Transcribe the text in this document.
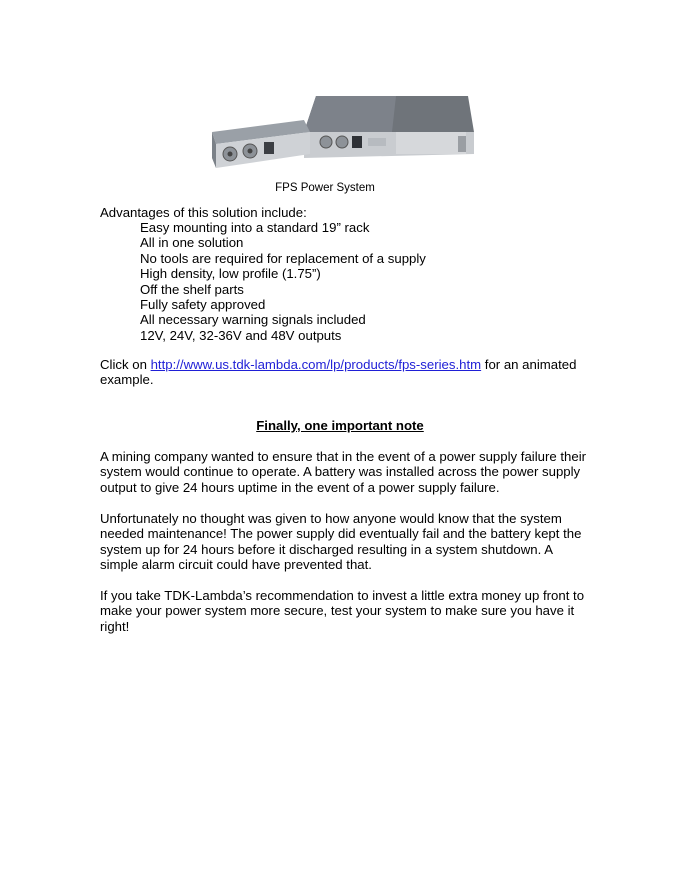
FPS Power System
Advantages of this solution include:
Easy mounting into a standard 19” rack
All in one solution
No tools are required for replacement of a supply
High density, low profile (1.75”)
Off the shelf parts
Fully safety approved
All necessary warning signals included
12V, 24V, 32-36V and 48V outputs
Click on http://www.us.tdk-lambda.com/lp/products/fps-series.htm for an animated example.
Finally, one important note
A mining company wanted to ensure that in the event of a power supply failure their system would continue to operate. A battery was installed across the power supply output to give 24 hours uptime in the event of a power supply failure.
Unfortunately no thought was given to how anyone would know that the system needed maintenance! The power supply did eventually fail and the battery kept the system up for 24 hours before it discharged resulting in a system shutdown. A simple alarm circuit could have prevented that.
If you take TDK-Lambda’s recommendation to invest a little extra money up front to make your power system more secure, test your system to make sure you have it right!
